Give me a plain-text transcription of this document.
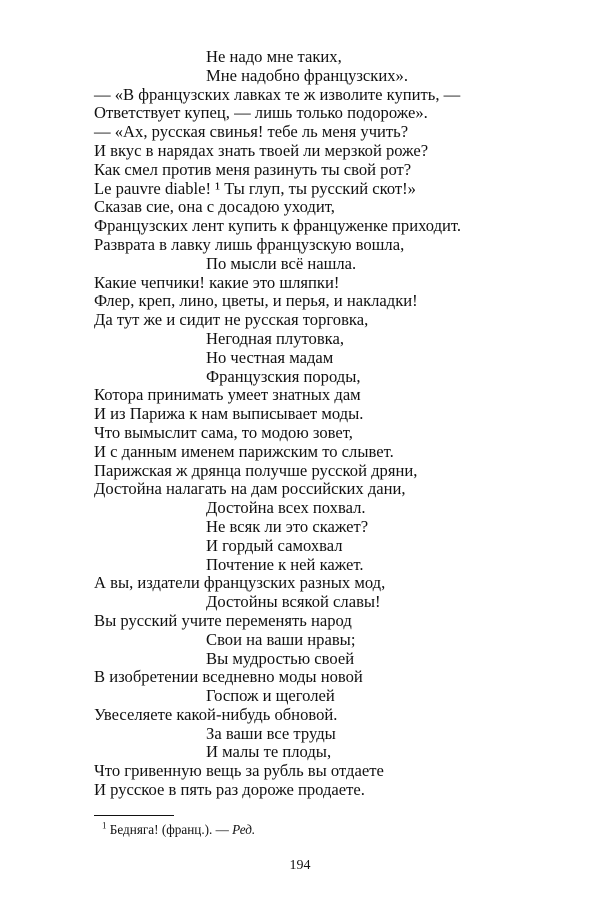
Не надо мне таких,
Мне надобно французских».
— «В французских лавках те ж изволите купить, —
Ответствует купец, — лишь только подороже».
— «Ах, русская свинья! тебе ль меня учить?
И вкус в нарядах знать твоей ли мерзкой роже?
Как смел против меня разинуть ты свой рот?
Le pauvre diable! ¹ Ты глуп, ты русский скот!»
Сказав сие, она с досадою уходит,
Французских лент купить к француженке приходит.
Разврата в лавку лишь французскую вошла,
По мысли всё нашла.
Какие чепчики! какие это шляпки!
Флер, креп, лино, цветы, и перья, и накладки!
Да тут же и сидит не русская торговка,
Негодная плутовка,
Но честная мадам
Французския породы,
Котора принимать умеет знатных дам
И из Парижа к нам выписывает моды.
Что вымыслит сама, то модою зовет,
И с данным именем парижским то слывет.
Парижская ж дрянца получше русской дряни,
Достойна налагать на дам российских дани,
Достойна всех похвал.
Не всяк ли это скажет?
И гордый самохвал
Почтение к ней кажет.
А вы, издатели французских разных мод,
Достойны всякой славы!
Вы русский учите переменять народ
Свои на ваши нравы;
Вы мудростью своей
В изобретении вседневно моды новой
Госпож и щеголей
Увеселяете какой-нибудь обновой.
За ваши все труды
И малы те плоды,
Что гривенную вещь за рубль вы отдаете
И русское в пять раз дороже продаете.
$^1$ Бедняга! (франц.). — Ред.
194
